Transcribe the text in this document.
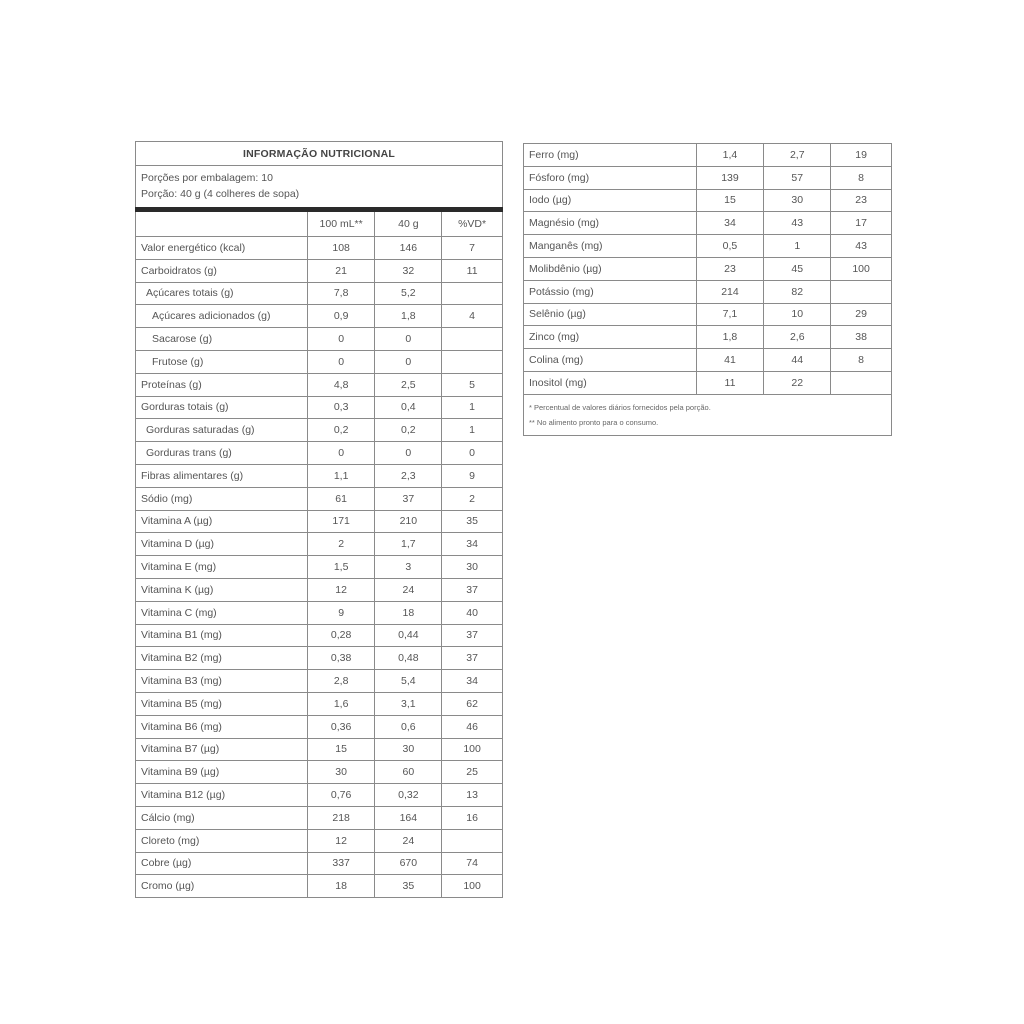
INFORMAÇÃO NUTRICIONAL			

Porções por embalagem: 10
Porção: 40 g (4 colheres de sopa)			

	100 mL**	40 g	%VD*
Valor energético (kcal)	108	146	7
Carboidratos (g)	21	32	11
Açúcares totais (g)	7,8	5,2	
Açúcares adicionados (g)	0,9	1,8	4
Sacarose (g)	0	0	
Frutose (g)	0	0	
Proteínas (g)	4,8	2,5	5
Gorduras totais (g)	0,3	0,4	1
Gorduras saturadas (g)	0,2	0,2	1
Gorduras trans (g)	0	0	0
Fibras alimentares (g)	1,1	2,3	9
Sódio (mg)	61	37	2
Vitamina A (µg)	171	210	35
Vitamina D (µg)	2	1,7	34
Vitamina E (mg)	1,5	3	30
Vitamina K (µg)	12	24	37
Vitamina C (mg)	9	18	40
Vitamina B1 (mg)	0,28	0,44	37
Vitamina B2 (mg)	0,38	0,48	37
Vitamina B3 (mg)	2,8	5,4	34
Vitamina B5 (mg)	1,6	3,1	62
Vitamina B6 (mg)	0,36	0,6	46
Vitamina B7 (µg)	15	30	100
Vitamina B9 (µg)	30	60	25
Vitamina B12 (µg)	0,76	0,32	13
Cálcio (mg)	218	164	16
Cloreto (mg)	12	24	
Cobre (µg)	337	670	74
Cromo (µg)	18	35	100
Ferro (mg)	1,4	2,7	19
Fósforo (mg)	139	57	8
Iodo (µg)	15	30	23
Magnésio (mg)	34	43	17
Manganês (mg)	0,5	1	43
Molibdênio (µg)	23	45	100
Potássio (mg)	214	82	
Selênio (µg)	7,1	10	29
Zinco (mg)	1,8	2,6	38
Colina (mg)	41	44	8
Inositol (mg)	11	22	

* Percentual de valores diários fornecidos pela porção.
** No alimento pronto para o consumo.			
